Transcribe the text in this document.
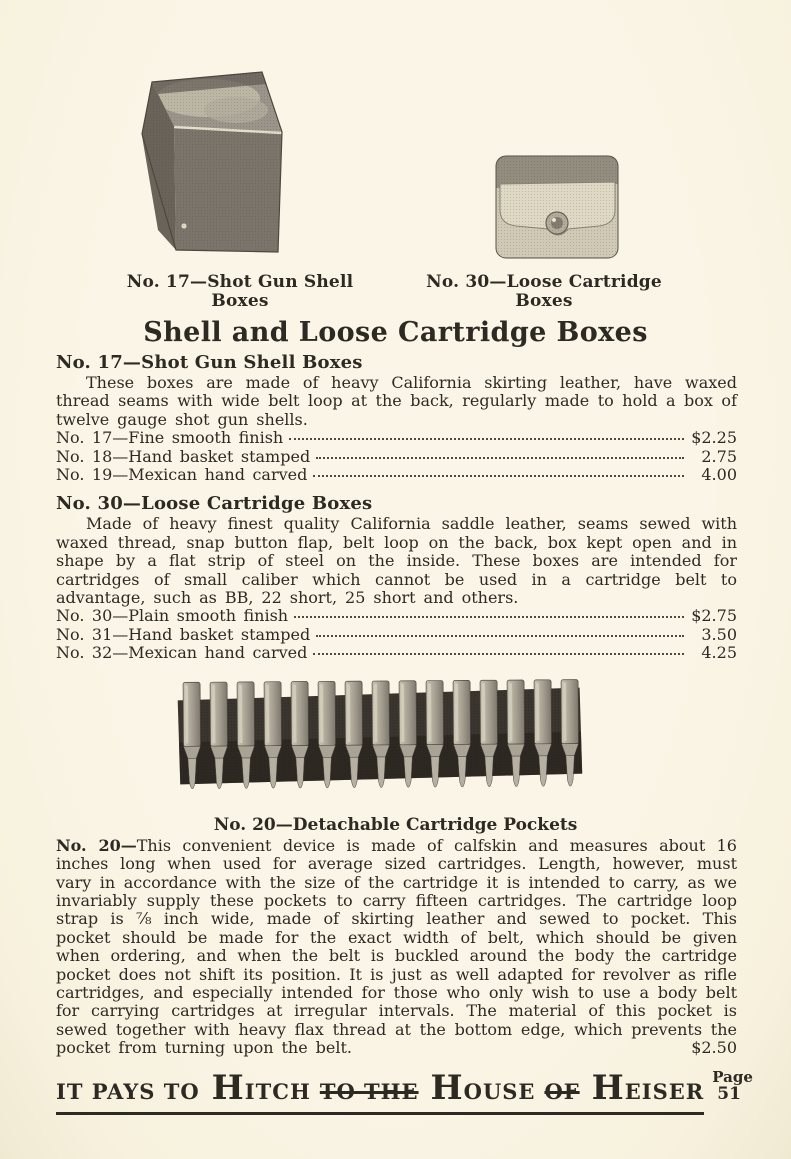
No. 17—Shot Gun Shell Boxes
No. 30—Loose Cartridge Boxes
Shell and Loose Cartridge Boxes
No. 17—Shot Gun Shell Boxes

These boxes are made of heavy California skirting leather, have waxed thread seams with wide belt loop at the back, regularly made to hold a box of twelve gauge shot gun shells.

No. 17—Fine smooth finish	$2.25
No. 18—Hand basket stamped	2.75
No. 19—Mexican hand carved	4.00
No. 30—Loose Cartridge Boxes

Made of heavy finest quality California saddle leather, seams sewed with waxed thread, snap button flap, belt loop on the back, box kept open and in shape by a flat strip of steel on the inside. These boxes are intended for cartridges of small caliber which cannot be used in a cartridge belt to advantage, such as BB, 22 short, 25 short and others.

No. 30—Plain smooth finish	$2.75
No. 31—Hand basket stamped	3.50
No. 32—Mexican hand carved	4.25
No. 20—Detachable Cartridge Pockets

No. 20—This convenient device is made of calfskin and measures about 16 inches long when used for average sized cartridges. Length, however, must vary in accordance with the size of the cartridge it is intended to carry, as we invariably supply these pockets to carry fifteen cartridges. The cartridge loop strap is ⅞ inch wide, made of skirting leather and sewed to pocket. This pocket should be made for the exact width of belt, which should be given when ordering, and when the belt is buckled around the body the cartridge pocket does not shift its position. It is just as well adapted for revolver as rifle cartridges, and especially intended for those who only wish to use a body belt for carrying cartridges at irregular intervals. The material of this pocket is sewed together with heavy flax thread at the bottom edge, which prevents the pocket from turning upon the belt.	$2.50

IT PAYS TO HITCH TO THE HOUSE OF HEISER
Page
51
